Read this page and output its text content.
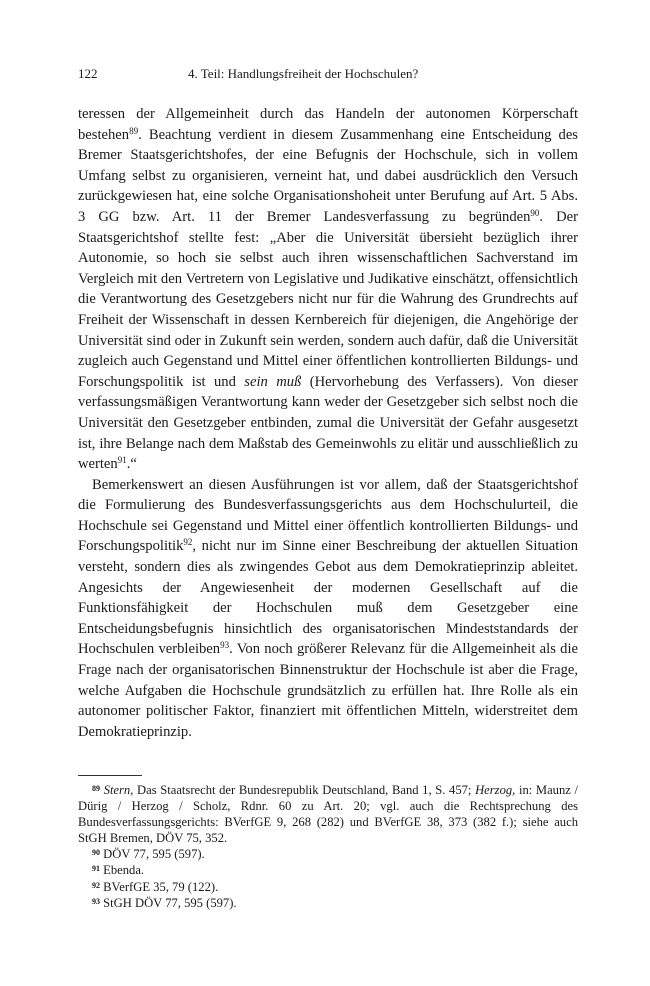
122	4. Teil: Handlungsfreiheit der Hochschulen?

teressen der Allgemeinheit durch das Handeln der autonomen Körperschaft bestehen$^{89}$. Beachtung verdient in diesem Zusammenhang eine Entscheidung des Bremer Staatsgerichtshofes, der eine Befugnis der Hochschule, sich in vollem Umfang selbst zu organisieren, verneint hat, und dabei ausdrücklich den Versuch zurückgewiesen hat, eine solche Organisationshoheit unter Berufung auf Art. 5 Abs. 3 GG bzw. Art. 11 der Bremer Landesverfassung zu begründen$^{90}$. Der Staatsgerichtshof stellte fest: „Aber die Universität übersieht bezüglich ihrer Autonomie, so hoch sie selbst auch ihren wissenschaftlichen Sachverstand im Vergleich mit den Vertretern von Legislative und Judikative einschätzt, offensichtlich die Verantwortung des Gesetzgebers nicht nur für die Wahrung des Grundrechts auf Freiheit der Wissenschaft in dessen Kernbereich für diejenigen, die Angehörige der Universität sind oder in Zukunft sein werden, sondern auch dafür, daß die Universität zugleich auch Gegenstand und Mittel einer öffentlichen kontrollierten Bildungs- und Forschungspolitik ist und sein muß (Hervorhebung des Verfassers). Von dieser verfassungsmäßigen Verantwortung kann weder der Gesetzgeber sich selbst noch die Universität den Gesetzgeber entbinden, zumal die Universität der Gefahr ausgesetzt ist, ihre Belange nach dem Maßstab des Gemeinwohls zu elitär und ausschließlich zu werten$^{91}$.“

Bemerkenswert an diesen Ausführungen ist vor allem, daß der Staatsgerichtshof die Formulierung des Bundesverfassungsgerichts aus dem Hochschulurteil, die Hochschule sei Gegenstand und Mittel einer öffentlich kontrollierten Bildungs- und Forschungspolitik$^{92}$, nicht nur im Sinne einer Beschreibung der aktuellen Situation versteht, sondern dies als zwingendes Gebot aus dem Demokratieprinzip ableitet. Angesichts der Angewiesenheit der modernen Gesellschaft auf die Funktionsfähigkeit der Hochschulen muß dem Gesetzgeber eine Entscheidungsbefugnis hinsichtlich des organisatorischen Mindeststandards der Hochschulen verbleiben$^{93}$. Von noch größerer Relevanz für die Allgemeinheit als die Frage nach der organisatorischen Binnenstruktur der Hochschule ist aber die Frage, welche Aufgaben die Hochschule grundsätzlich zu erfüllen hat. Ihre Rolle als ein autonomer politischer Faktor, finanziert mit öffentlichen Mitteln, widerstreitet dem Demokratieprinzip.

$^{89}$ Stern, Das Staatsrecht der Bundesrepublik Deutschland, Band 1, S. 457; Herzog, in: Maunz / Dürig / Herzog / Scholz, Rdnr. 60 zu Art. 20; vgl. auch die Rechtsprechung des Bundesverfassungsgerichts: BVerfGE 9, 268 (282) und BVerfGE 38, 373 (382 f.); siehe auch StGH Bremen, DÖV 75, 352.

$^{90}$ DÖV 77, 595 (597).

$^{91}$ Ebenda.

$^{92}$ BVerfGE 35, 79 (122).

$^{93}$ StGH DÖV 77, 595 (597).
